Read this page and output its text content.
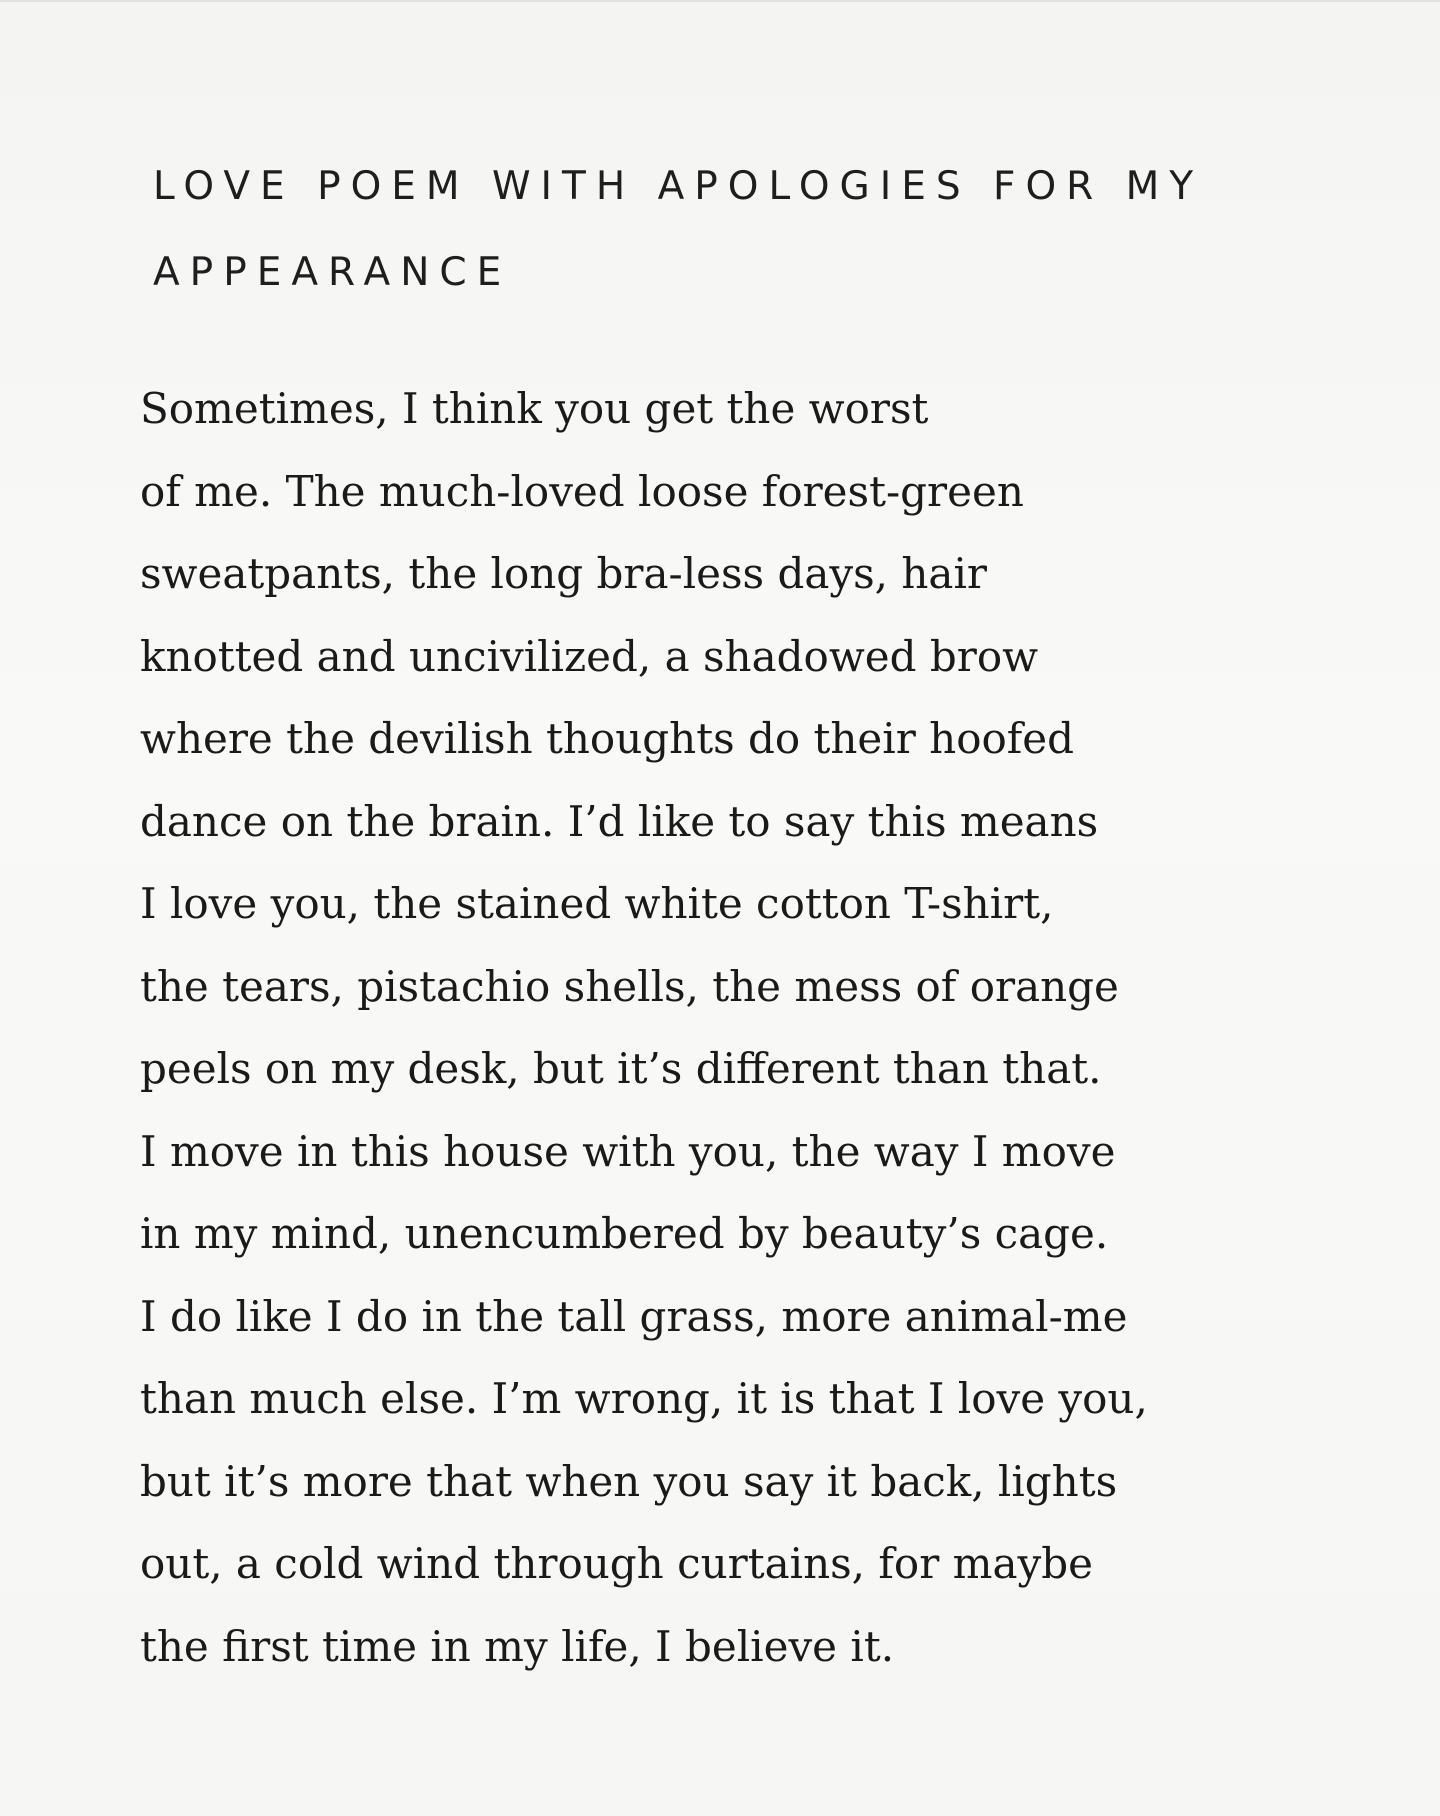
LOVE POEM WITH APOLOGIES FOR MY
APPEARANCE
Sometimes, I think you get the worst
of me. The much-loved loose forest-green
sweatpants, the long bra-less days, hair
knotted and uncivilized, a shadowed brow
where the devilish thoughts do their hoofed
dance on the brain. I’d like to say this means
I love you, the stained white cotton T-shirt,
the tears, pistachio shells, the mess of orange
peels on my desk, but it’s different than that.
I move in this house with you, the way I move
in my mind, unencumbered by beauty’s cage.
I do like I do in the tall grass, more animal-me
than much else. I’m wrong, it is that I love you,
but it’s more that when you say it back, lights
out, a cold wind through curtains, for maybe
the first time in my life, I believe it.
